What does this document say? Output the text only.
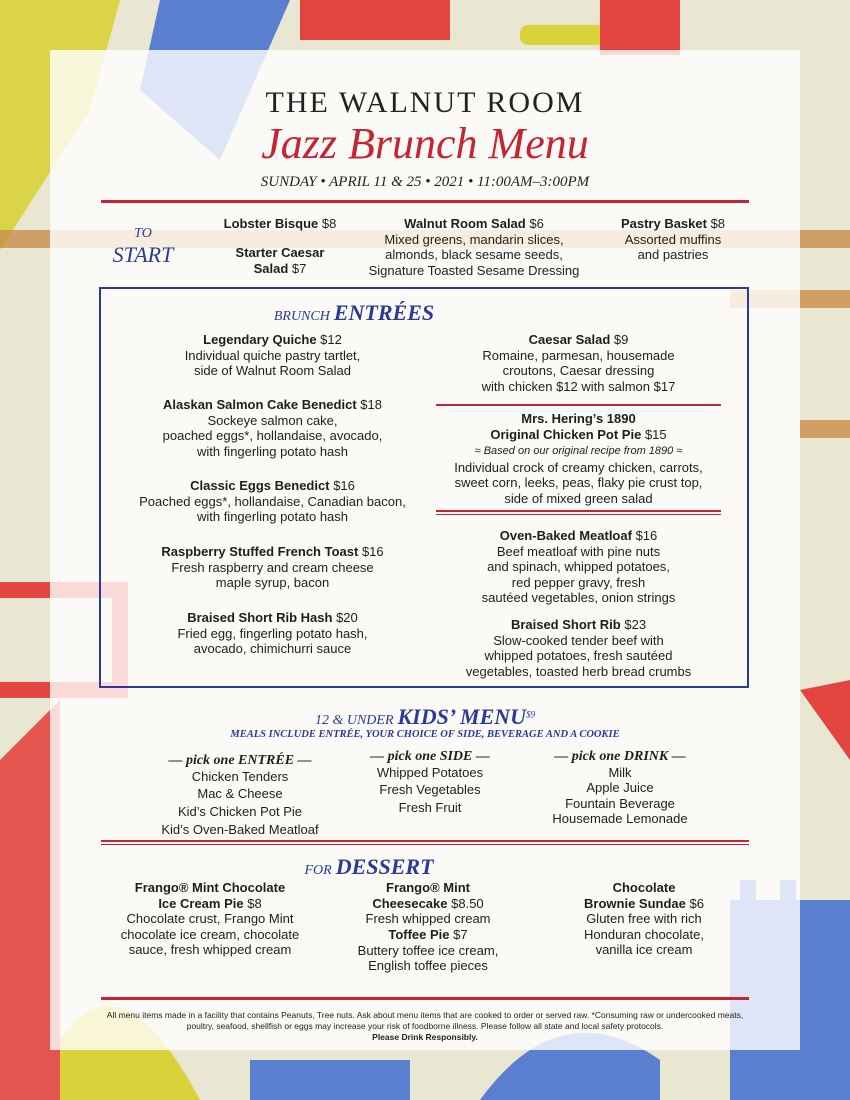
THE WALNUT ROOM
Jazz Brunch Menu
SUNDAY • APRIL 11 & 25 • 2021 • 11:00AM–3:00PM
TO
START
Lobster Bisque $8
Starter Caesar
Salad $7
Walnut Room Salad $6
Mixed greens, mandarin slices,
almonds, black sesame seeds,
Signature Toasted Sesame Dressing
Pastry Basket $8
Assorted muffins
and pastries
BRUNCH ENTRÉES
Legendary Quiche $12
Individual quiche pastry tartlet,
side of Walnut Room Salad
Alaskan Salmon Cake Benedict $18
Sockeye salmon cake,
poached eggs*, hollandaise, avocado,
with fingerling potato hash
Classic Eggs Benedict $16
Poached eggs*, hollandaise, Canadian bacon,
with fingerling potato hash
Raspberry Stuffed French Toast $16
Fresh raspberry and cream cheese
maple syrup, bacon
Braised Short Rib Hash $20
Fried egg, fingerling potato hash,
avocado, chimichurri sauce
Caesar Salad $9
Romaine, parmesan, housemade
croutons, Caesar dressing
with chicken $12 with salmon $17
Mrs. Hering’s 1890
Original Chicken Pot Pie $15
≈ Based on our original recipe from 1890 ≈
Individual crock of creamy chicken, carrots,
sweet corn, leeks, peas, flaky pie crust top,
side of mixed green salad
Oven-Baked Meatloaf $16
Beef meatloaf with pine nuts
and spinach, whipped potatoes,
red pepper gravy, fresh
sautéed vegetables, onion strings
Braised Short Rib $23
Slow-cooked tender beef with
whipped potatoes, fresh sautéed
vegetables, toasted herb bread crumbs
12 & UNDER KIDS’ $MENU^{\$9}$
MEALS INCLUDE ENTRÉE, YOUR CHOICE OF SIDE, BEVERAGE AND A COOKIE
— pick one ENTRÉE —
Chicken Tenders
Mac & Cheese
Kid’s Chicken Pot Pie
Kid’s Oven-Baked Meatloaf
— pick one SIDE —
Whipped Potatoes
Fresh Vegetables
Fresh Fruit
— pick one DRINK —
Milk
Apple Juice
Fountain Beverage
Housemade Lemonade
FOR DESSERT
Frango® Mint Chocolate
Ice Cream Pie $8
Chocolate crust, Frango Mint
chocolate ice cream, chocolate
sauce, fresh whipped cream
Frango® Mint
Cheesecake $8.50
Fresh whipped cream
Toffee Pie $7
Buttery toffee ice cream,
English toffee pieces
Chocolate
Brownie Sundae $6
Gluten free with rich
Honduran chocolate,
vanilla ice cream
All menu items made in a facility that contains Peanuts, Tree nuts. Ask about menu items that are cooked to order or served raw. *Consuming raw or undercooked meats, poultry, seafood, shellfish or eggs may increase your risk of foodborne illness. Please follow all state and local safety protocols.
Please Drink Responsibly.
